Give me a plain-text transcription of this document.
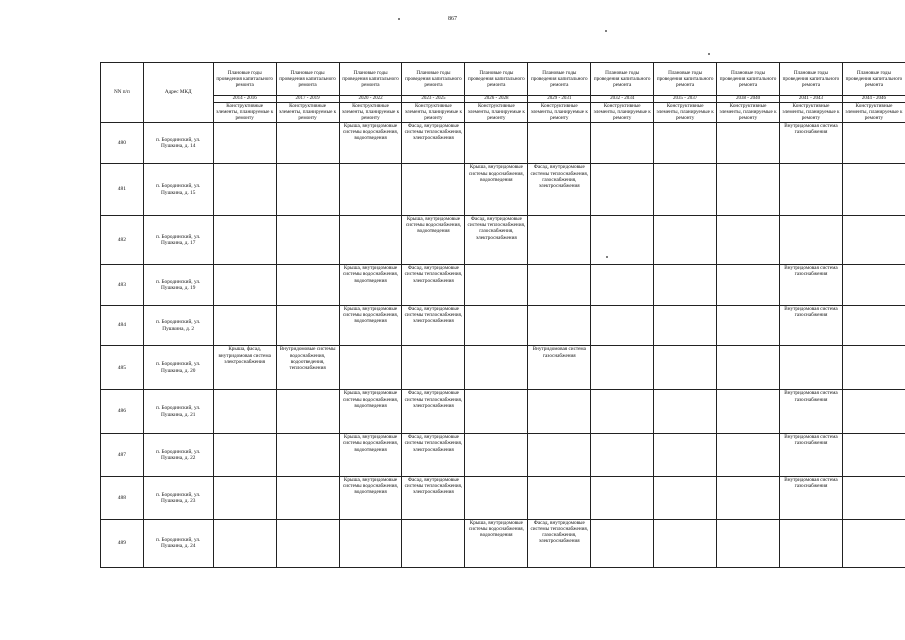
867
NN п/п	Адрес МКД	Плановые годы проведения капитального ремонта	Плановые годы проведения капитального ремонта	Плановые годы проведения капитального ремонта	Плановые годы проведения капитального ремонта	Плановые годы проведения капитального ремонта	Плановые годы проведения капитального ремонта	Плановые годы проведения капитального ремонта	Плановые годы проведения капитального ремонта	Плановые годы проведения капитального ремонта	Плановые годы проведения капитального ремонта	Плановые годы проведения капитального ремонта
		2014 - 2016	2017 - 2019	2020 - 2022	2023 - 2025	2026 - 2028	2029 - 2031	2032 - 2034	2035 - 2037	2038 - 2040	2041 - 2043	2044 - 2046
		Конструктивные элементы, планируемые к ремонту	Конструктивные элементы, планируемые к ремонту	Конструктивные элементы, планируемые к ремонту	Конструктивные элементы, планируемые к ремонту	Конструктивные элементы, планируемые к ремонту	Конструктивные элементы, планируемые к ремонту	Конструктивные элементы, планируемые к ремонту	Конструктивные элементы, планируемые к ремонту	Конструктивные элементы, планируемые к ремонту	Конструктивные элементы, планируемые к ремонту	Конструктивные элементы, планируемые к ремонту
480	п. Бородинский, ул. Пушкина, д. 14			Крыша, внутридомовые системы водоснабжения, водоотведения	Фасад, внутридомовые системы теплоснабжения, электроснабжения						Внутридомовая система газоснабжения	
481	п. Бородинский, ул. Пушкина, д. 15					Крыша, внутридомовые системы водоснабжения, водоотведения	Фасад, внутридомовые системы теплоснабжения, газоснабжения, электроснабжения					
482	п. Бородинский, ул. Пушкина, д. 17				Крыша, внутридомовые системы водоснабжения, водоотведения	Фасад, внутридомовые системы теплоснабжения, газоснабжения, электроснабжения						
483	п. Бородинский, ул. Пушкина, д. 19			Крыша, внутридомовые системы водоснабжения, водоотведения	Фасад, внутридомовые системы теплоснабжения, электроснабжения						Внутридомовая система газоснабжения	
484	п. Бородинский, ул. Пушкина, д. 2			Крыша, внутридомовые системы водоснабжения, водоотведения	Фасад, внутридомовые системы теплоснабжения, электроснабжения						Внутридомовая система газоснабжения	
485	п. Бородинский, ул. Пушкина, д. 20	Крыша, фасад, внутридомовая система электроснабжения	Внутридомовые системы водоснабжения, водоотведения, теплоснабжения				Внутридомовая система газоснабжения					
486	п. Бородинский, ул. Пушкина, д. 21			Крыша, внутридомовые системы водоснабжения, водоотведения	Фасад, внутридомовые системы теплоснабжения, электроснабжения						Внутридомовая система газоснабжения	
487	п. Бородинский, ул. Пушкина, д. 22			Крыша, внутридомовые системы водоснабжения, водоотведения	Фасад, внутридомовые системы теплоснабжения, электроснабжения						Внутридомовая система газоснабжения	
488	п. Бородинский, ул. Пушкина, д. 23			Крыша, внутридомовые системы водоснабжения, водоотведения	Фасад, внутридомовые системы теплоснабжения, электроснабжения						Внутридомовая система газоснабжения	
489	п. Бородинский, ул. Пушкина, д. 24					Крыша, внутридомовые системы водоснабжения, водоотведения	Фасад, внутридомовые системы теплоснабжения, газоснабжения, электроснабжения					
